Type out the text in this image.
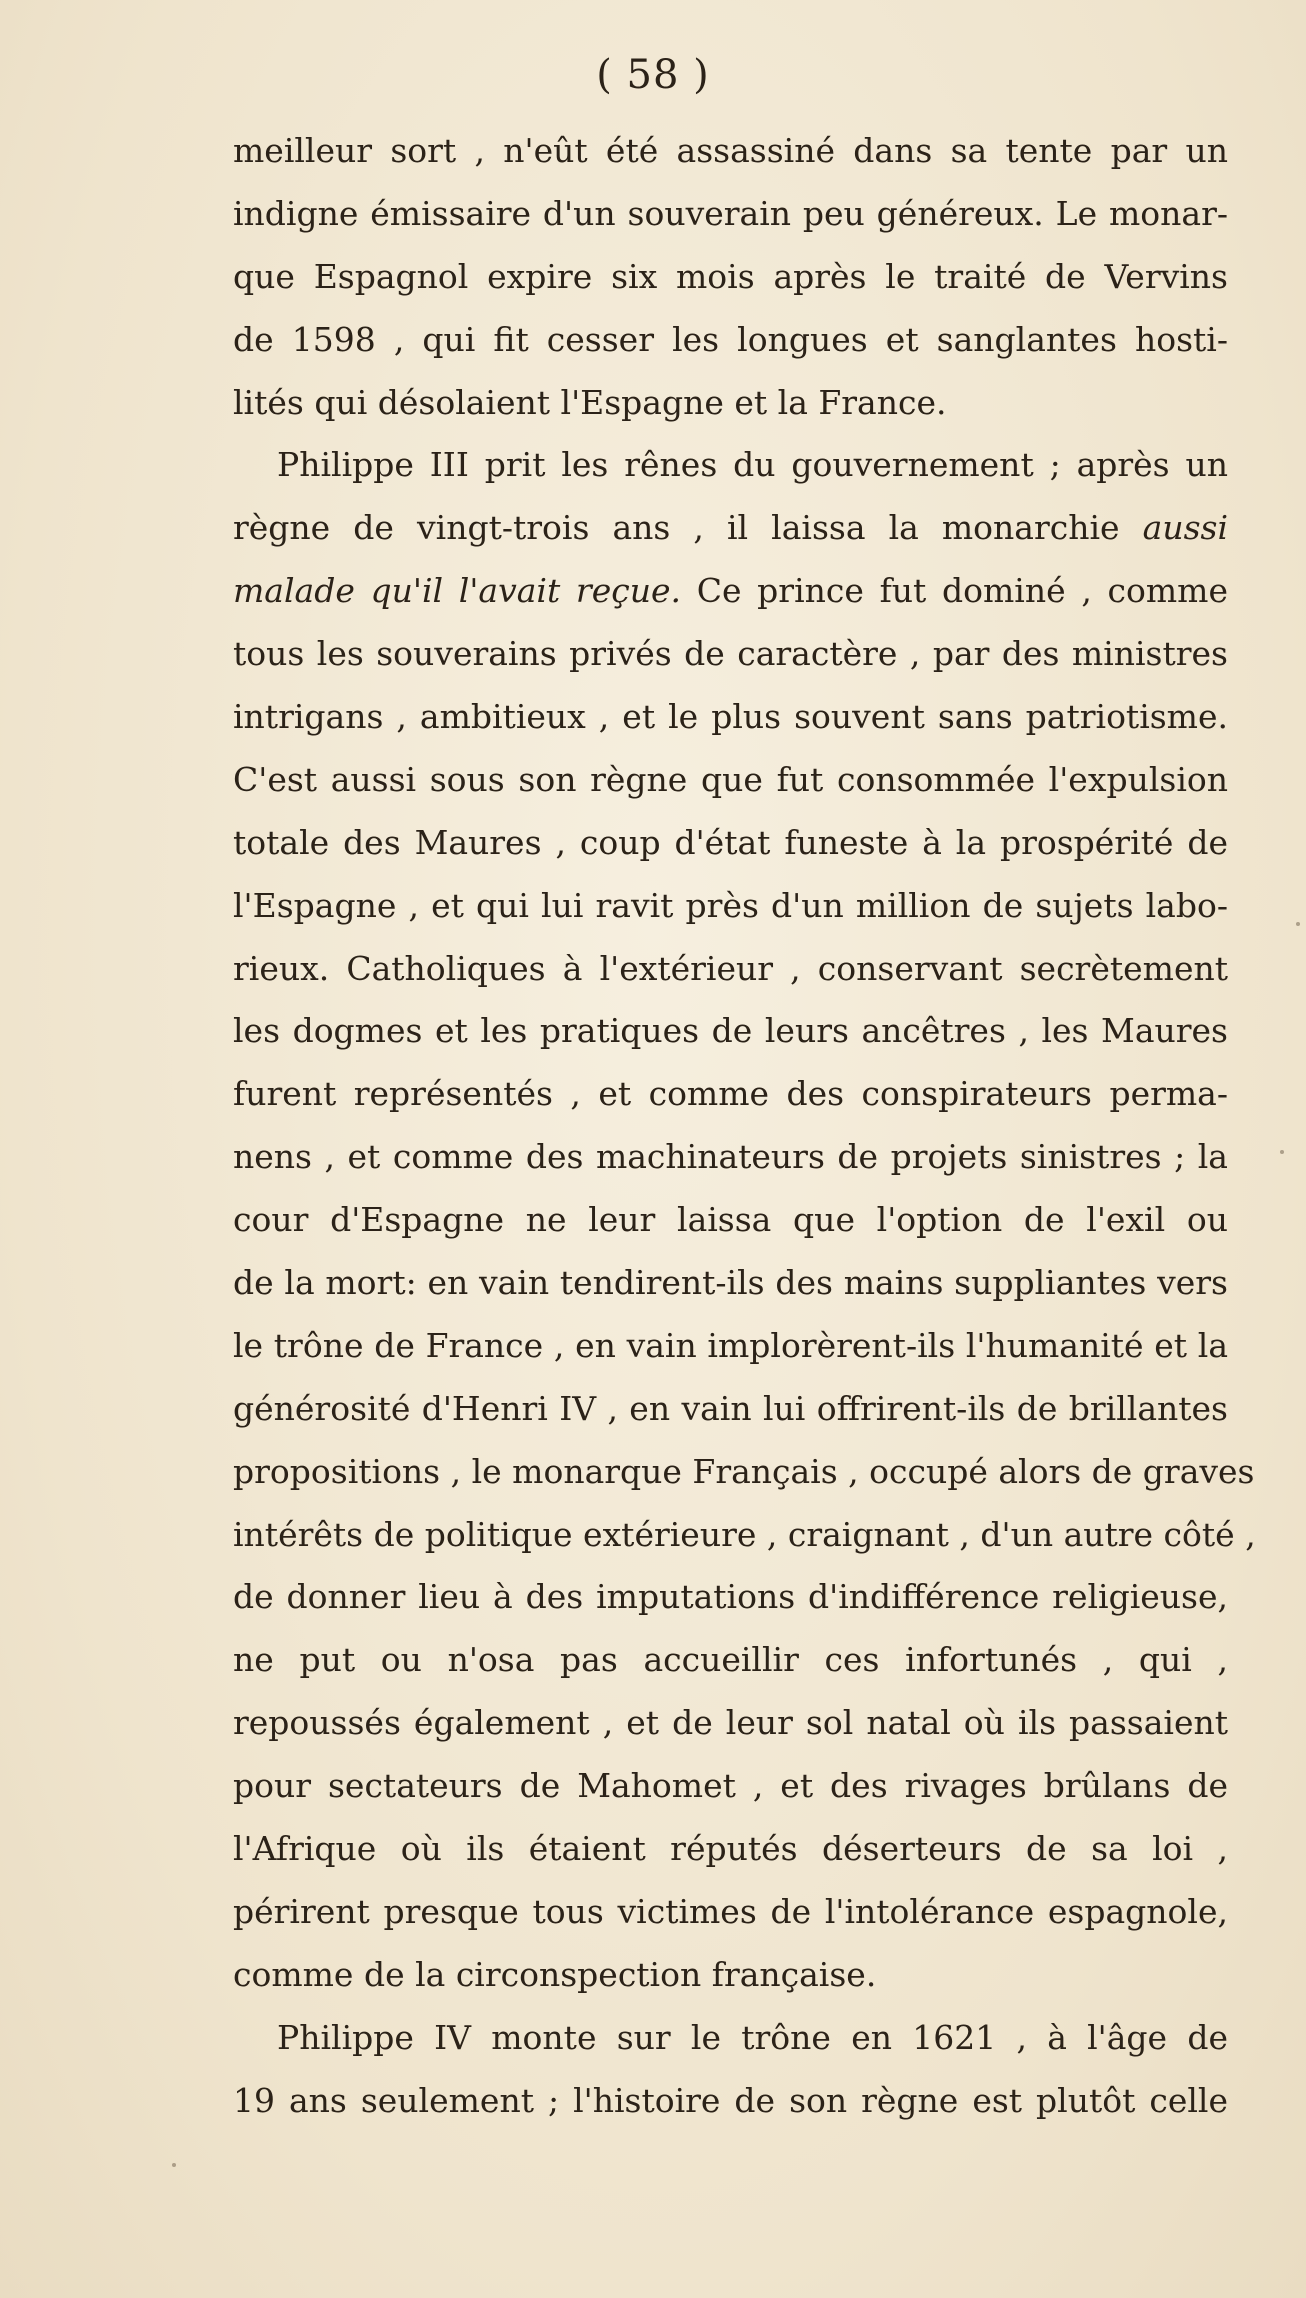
( 58 )
meilleur sort , n'eût été assassiné dans sa tente par un
indigne émissaire d'un souverain peu généreux. Le monar-
que Espagnol expire six mois après le traité de Vervins
de 1598 , qui fit cesser les longues et sanglantes hosti-
lités qui désolaient l'Espagne et la France.
Philippe III prit les rênes du gouvernement ; après un
règne de vingt-trois ans , il laissa la monarchie aussi
malade qu'il l'avait reçue. Ce prince fut dominé , comme
tous les souverains privés de caractère , par des ministres
intrigans , ambitieux , et le plus souvent sans patriotisme.
C'est aussi sous son règne que fut consommée l'expulsion
totale des Maures , coup d'état funeste à la prospérité de
l'Espagne , et qui lui ravit près d'un million de sujets labo-
rieux. Catholiques à l'extérieur , conservant secrètement
les dogmes et les pratiques de leurs ancêtres , les Maures
furent représentés , et comme des conspirateurs perma-
nens , et comme des machinateurs de projets sinistres ; la
cour d'Espagne ne leur laissa que l'option de l'exil ou
de la mort: en vain tendirent-ils des mains suppliantes vers
le trône de France , en vain implorèrent-ils l'humanité et la
générosité d'Henri IV , en vain lui offrirent-ils de brillantes
propositions , le monarque Français , occupé alors de graves
intérêts de politique extérieure , craignant , d'un autre côté ,
de donner lieu à des imputations d'indifférence religieuse,
ne put ou n'osa pas accueillir ces infortunés , qui ,
repoussés également , et de leur sol natal où ils passaient
pour sectateurs de Mahomet , et des rivages brûlans de
l'Afrique où ils étaient réputés déserteurs de sa loi ,
périrent presque tous victimes de l'intolérance espagnole,
comme de la circonspection française.
Philippe IV monte sur le trône en 1621 , à l'âge de
19 ans seulement ; l'histoire de son règne est plutôt celle
